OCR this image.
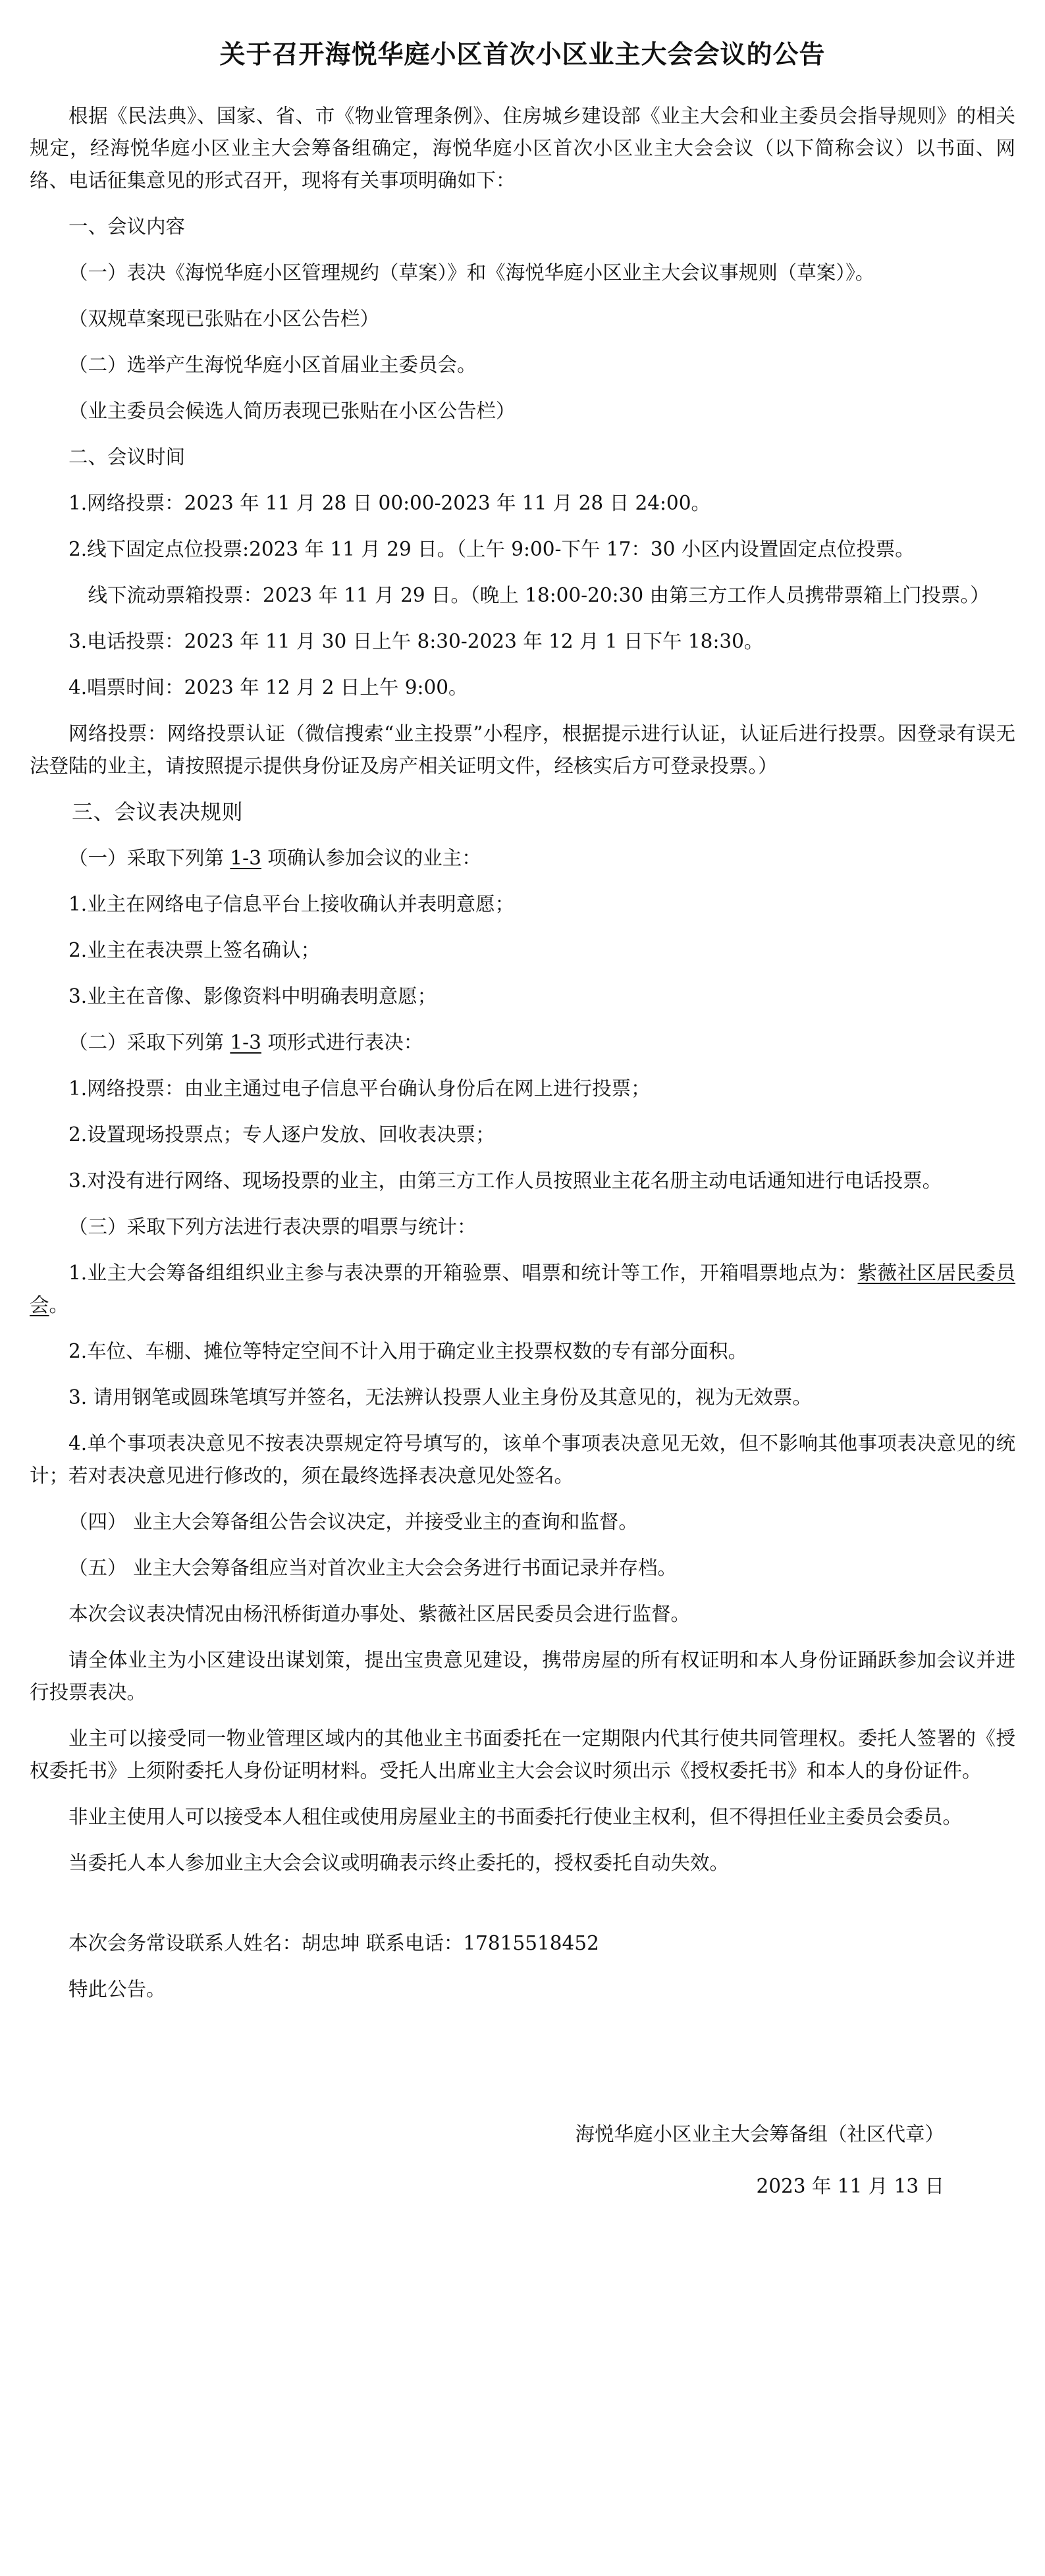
关于召开海悦华庭小区首次小区业主大会会议的公告

根据《民法典》、国家、省、市《物业管理条例》、住房城乡建设部《业主大会和业主委员会指导规则》的相关规定，经海悦华庭小区业主大会筹备组确定，海悦华庭小区首次小区业主大会会议（以下简称会议）以书面、网络、电话征集意见的形式召开，现将有关事项明确如下：

一、会议内容

（一）表决《海悦华庭小区管理规约（草案）》和《海悦华庭小区业主大会议事规则（草案）》。

（双规草案现已张贴在小区公告栏）

（二）选举产生海悦华庭小区首届业主委员会。

（业主委员会候选人简历表现已张贴在小区公告栏）

二、会议时间

1.网络投票：2023 年 11 月 28 日 00:00-2023 年 11 月 28 日 24:00。

2.线下固定点位投票:2023 年 11 月 29 日。（上午 9:00-下午 17：30 小区内设置固定点位投票。

线下流动票箱投票：2023 年 11 月 29 日。（晚上 18:00-20:30 由第三方工作人员携带票箱上门投票。）

3.电话投票：2023 年 11 月 30 日上午 8:30-2023 年 12 月 1 日下午 18:30。

4.唱票时间：2023 年 12 月 2 日上午 9:00。

网络投票：网络投票认证（微信搜索“业主投票”小程序，根据提示进行认证，认证后进行投票。因登录有误无法登陆的业主，请按照提示提供身份证及房产相关证明文件，经核实后方可登录投票。）

三、会议表决规则

（一）采取下列第 1-3 项确认参加会议的业主：

1.业主在网络电子信息平台上接收确认并表明意愿；

2.业主在表决票上签名确认；

3.业主在音像、影像资料中明确表明意愿；

（二）采取下列第 1-3 项形式进行表决：

1.网络投票：由业主通过电子信息平台确认身份后在网上进行投票；

2.设置现场投票点；专人逐户发放、回收表决票；

3.对没有进行网络、现场投票的业主，由第三方工作人员按照业主花名册主动电话通知进行电话投票。

（三）采取下列方法进行表决票的唱票与统计：

1.业主大会筹备组组织业主参与表决票的开箱验票、唱票和统计等工作，开箱唱票地点为：紫薇社区居民委员会。

2.车位、车棚、摊位等特定空间不计入用于确定业主投票权数的专有部分面积。

3. 请用钢笔或圆珠笔填写并签名，无法辨认投票人业主身份及其意见的，视为无效票。

4.单个事项表决意见不按表决票规定符号填写的，该单个事项表决意见无效，但不影响其他事项表决意见的统计；若对表决意见进行修改的，须在最终选择表决意见处签名。

（四） 业主大会筹备组公告会议决定，并接受业主的查询和监督。

（五） 业主大会筹备组应当对首次业主大会会务进行书面记录并存档。

本次会议表决情况由杨汛桥街道办事处、紫薇社区居民委员会进行监督。

请全体业主为小区建设出谋划策，提出宝贵意见建设，携带房屋的所有权证明和本人身份证踊跃参加会议并进行投票表决。

业主可以接受同一物业管理区域内的其他业主书面委托在一定期限内代其行使共同管理权。委托人签署的《授权委托书》上须附委托人身份证明材料。受托人出席业主大会会议时须出示《授权委托书》和本人的身份证件。

非业主使用人可以接受本人租住或使用房屋业主的书面委托行使业主权利，但不得担任业主委员会委员。

当委托人本人参加业主大会会议或明确表示终止委托的，授权委托自动失效。

本次会务常设联系人姓名：胡忠坤 联系电话：17815518452

特此公告。

海悦华庭小区业主大会筹备组（社区代章）

2023 年 11 月 13 日
